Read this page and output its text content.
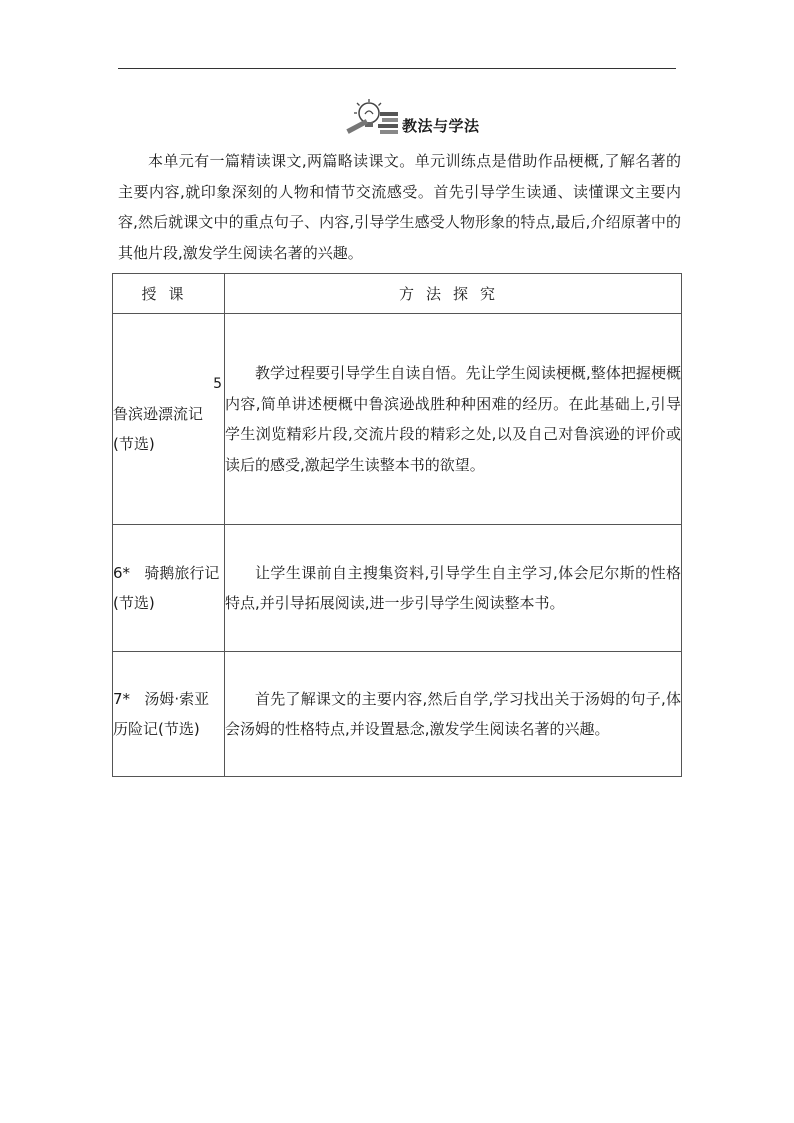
教法与学法

本单元有一篇精读课文,两篇略读课文。单元训练点是借助作品梗概,了解名著的主要内容,就印象深刻的人物和情节交流感受。首先引导学生读通、读懂课文主要内容,然后就课文中的重点句子、内容,引导学生感受人物形象的特点,最后,介绍原著中的其他片段,激发学生阅读名著的兴趣。

授课	方法探究

5
鲁滨逊漂流记
(节选)	教学过程要引导学生自读自悟。先让学生阅读梗概,整体把握梗概内容,简单讲述梗概中鲁滨逊战胜种种困难的经历。在此基础上,引导学生浏览精彩片段,交流片段的精彩之处,以及自己对鲁滨逊的评价或读后的感受,激起学生读整本书的欲望。

6* 骑鹅旅行记
(节选)	让学生课前自主搜集资料,引导学生自主学习,体会尼尔斯的性格特点,并引导拓展阅读,进一步引导学生阅读整本书。

7* 汤姆·索亚
历险记(节选)	首先了解课文的主要内容,然后自学,学习找出关于汤姆的句子,体会汤姆的性格特点,并设置悬念,激发学生阅读名著的兴趣。
